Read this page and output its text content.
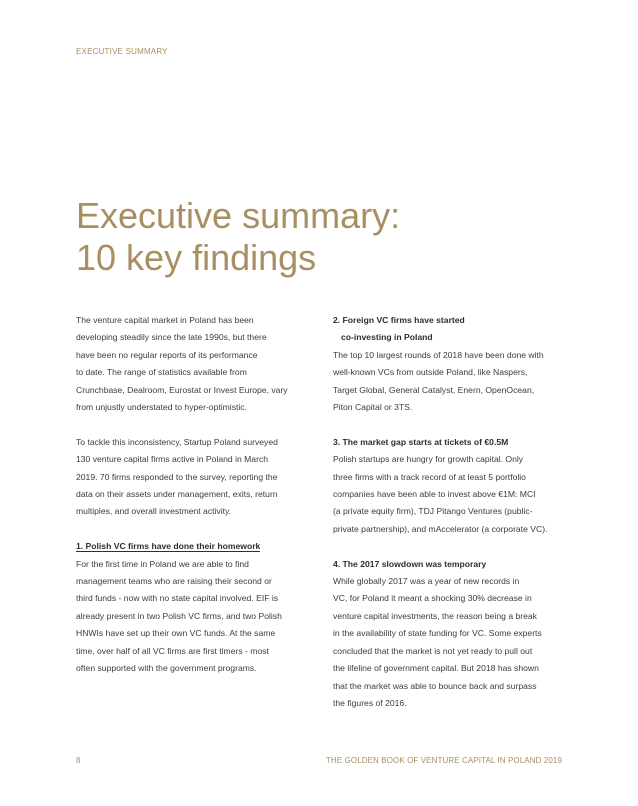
EXECUTIVE SUMMARY
Executive summary:
10 key findings

The venture capital market in Poland has been
developing steadily since the late 1990s, but there
have been no regular reports of its performance
to date. The range of statistics available from
Crunchbase, Dealroom, Eurostat or Invest Europe, vary
from unjustly understated to hyper-optimistic.

To tackle this inconsistency, Startup Poland surveyed
130 venture capital firms active in Poland in March
2019. 70 firms responded to the survey, reporting the
data on their assets under management, exits, return
multiples, and overall investment activity.

1. Polish VC firms have done their homework
For the first time in Poland we are able to find
management teams who are raising their second or
third funds - now with no state capital involved. EIF is
already present in two Polish VC firms, and two Polish
HNWIs have set up their own VC funds. At the same
time, over half of all VC firms are first timers - most
often supported with the government programs.

2. Foreign VC firms have started
co-investing in Poland
The top 10 largest rounds of 2018 have been done with
well-known VCs from outside Poland, like Naspers,
Target Global, General Catalyst, Enern, OpenOcean,
Piton Capital or 3TS.

3. The market gap starts at tickets of €0.5M
Polish startups are hungry for growth capital. Only
three firms with a track record of at least 5 portfolio
companies have been able to invest above €1M: MCI
(a private equity firm), TDJ Pitango Ventures (public-
private partnership), and mAccelerator (a corporate VC).

4. The 2017 slowdown was temporary
While globally 2017 was a year of new records in
VC, for Poland it meant a shocking 30% decrease in
venture capital investments, the reason being a break
in the availability of state funding for VC. Some experts
concluded that the market is not yet ready to pull out
the lifeline of government capital. But 2018 has shown
that the market was able to bounce back and surpass
the figures of 2016.

8	THE GOLDEN BOOK OF VENTURE CAPITAL IN POLAND 2019
